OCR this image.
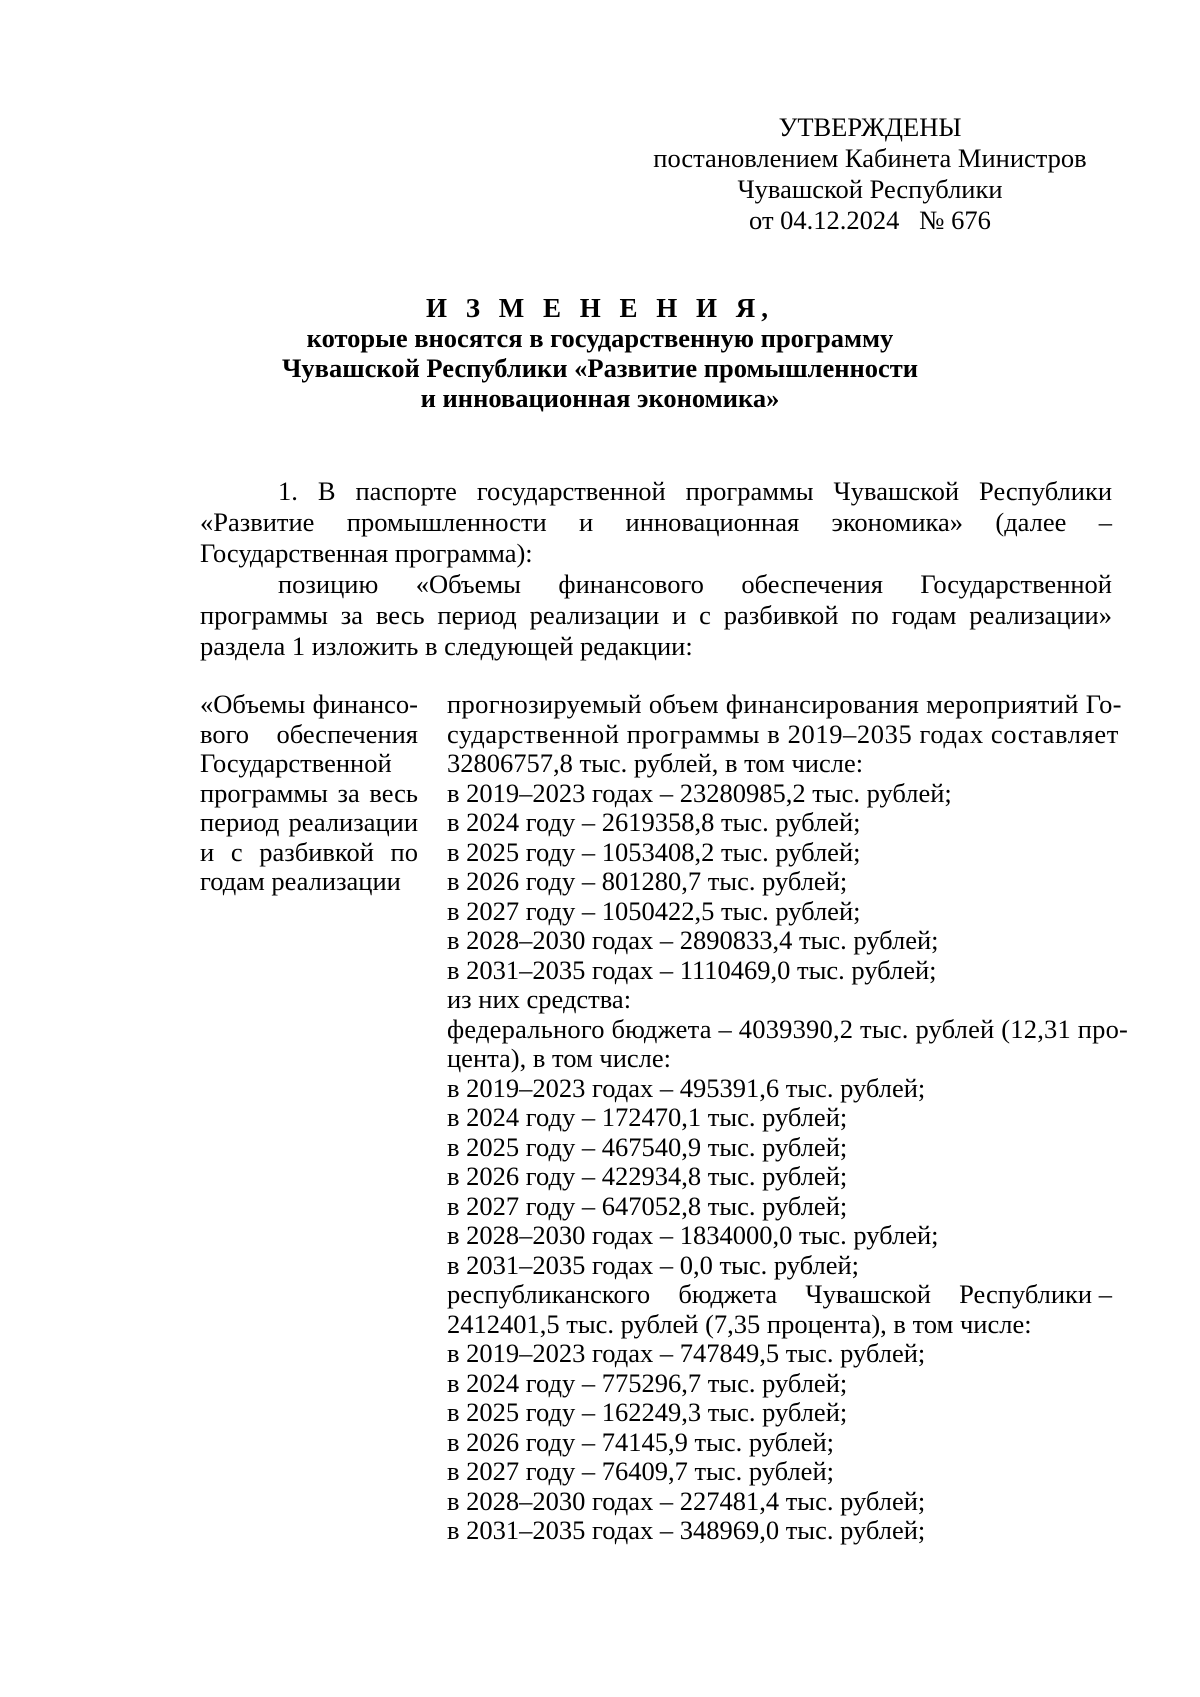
УТВЕРЖДЕНЫ
постановлением Кабинета Министров
Чувашской Республики
от 04.12.2024   № 676
И З М Е Н Е Н И Я,
которые вносятся в государственную программу
Чувашской Республики «Развитие промышленности
и инновационная экономика»

1. В паспорте государственной программы Чувашской Республики «Развитие промышленности и инновационная экономика» (далее – Государственная программа):

позицию «Объемы финансового обеспечения Государственной программы за весь период реализации и с разбивкой по годам реализации» раздела 1 изложить в следующей редакции:

«Объемы финансо-
вого обеспечения
Государственной
программы за весь
период реализации
и с разбивкой по
годам реализации
прогнозируемый объем финансирования мероприятий Го-
сударственной программы в 2019–2035 годах составляет
32806757,8 тыс. рублей, в том числе:
в 2019–2023 годах – 23280985,2 тыс. рублей;
в 2024 году – 2619358,8 тыс. рублей;
в 2025 году – 1053408,2 тыс. рублей;
в 2026 году – 801280,7 тыс. рублей;
в 2027 году – 1050422,5 тыс. рублей;
в 2028–2030 годах – 2890833,4 тыс. рублей;
в 2031–2035 годах – 1110469,0 тыс. рублей;
из них средства:
федерального бюджета – 4039390,2 тыс. рублей (12,31 про-
цента), в том числе:
в 2019–2023 годах – 495391,6 тыс. рублей;
в 2024 году – 172470,1 тыс. рублей;
в 2025 году – 467540,9 тыс. рублей;
в 2026 году – 422934,8 тыс. рублей;
в 2027 году – 647052,8 тыс. рублей;
в 2028–2030 годах – 1834000,0 тыс. рублей;
в 2031–2035 годах – 0,0 тыс. рублей;
республиканского бюджета Чувашской Республики –
2412401,5 тыс. рублей (7,35 процента), в том числе:
в 2019–2023 годах – 747849,5 тыс. рублей;
в 2024 году – 775296,7 тыс. рублей;
в 2025 году – 162249,3 тыс. рублей;
в 2026 году – 74145,9 тыс. рублей;
в 2027 году – 76409,7 тыс. рублей;
в 2028–2030 годах – 227481,4 тыс. рублей;
в 2031–2035 годах – 348969,0 тыс. рублей;
